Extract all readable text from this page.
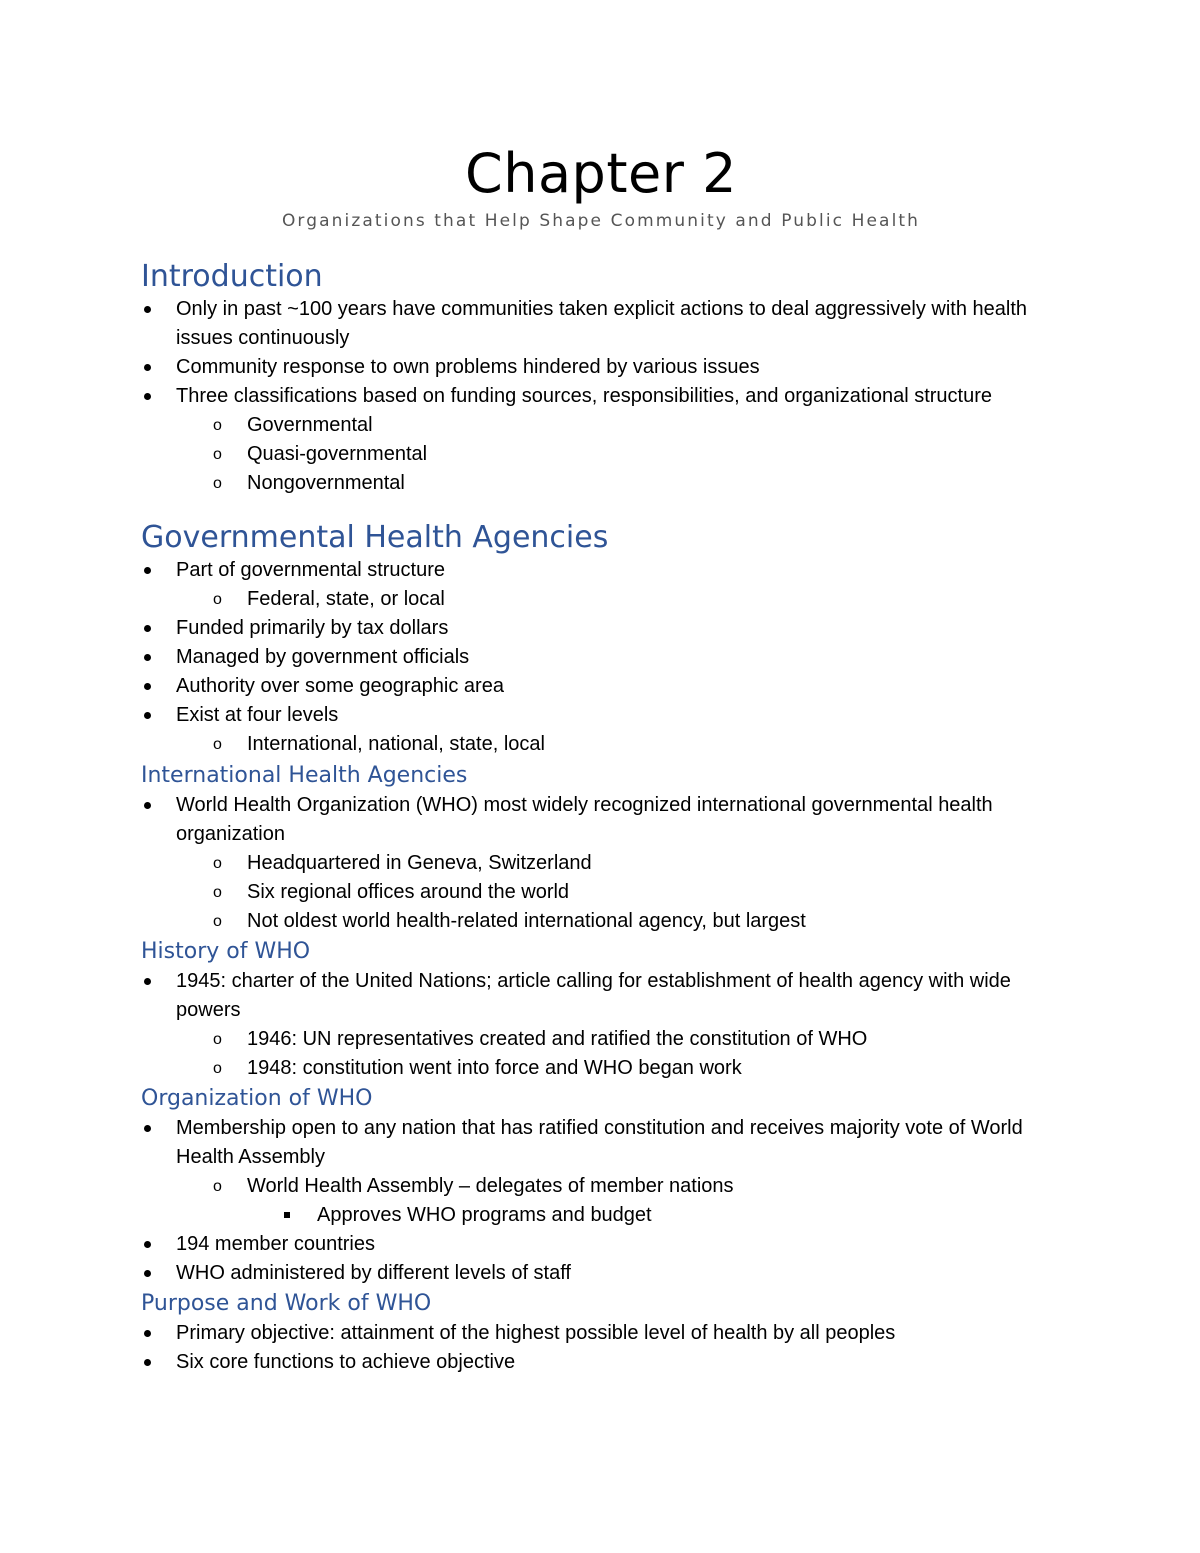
Chapter 2
Organizations that Help Shape Community and Public Health
Introduction
Only in past ~100 years have communities taken explicit actions to deal aggressively with health issues continuously
Community response to own problems hindered by various issues
Three classifications based on funding sources, responsibilities, and organizational structure
o Governmental
o Quasi-governmental
o Nongovernmental
Governmental Health Agencies
Part of governmental structure
o Federal, state, or local
Funded primarily by tax dollars
Managed by government officials
Authority over some geographic area
Exist at four levels
o International, national, state, local
International Health Agencies
World Health Organization (WHO) most widely recognized international governmental health organization
o Headquartered in Geneva, Switzerland
o Six regional offices around the world
o Not oldest world health-related international agency, but largest
History of WHO
1945: charter of the United Nations; article calling for establishment of health agency with wide powers
o 1946: UN representatives created and ratified the constitution of WHO
o 1948: constitution went into force and WHO began work
Organization of WHO
Membership open to any nation that has ratified constitution and receives majority vote of World Health Assembly
o World Health Assembly – delegates of member nations
Approves WHO programs and budget
194 member countries
WHO administered by different levels of staff
Purpose and Work of WHO
Primary objective: attainment of the highest possible level of health by all peoples
Six core functions to achieve objective
